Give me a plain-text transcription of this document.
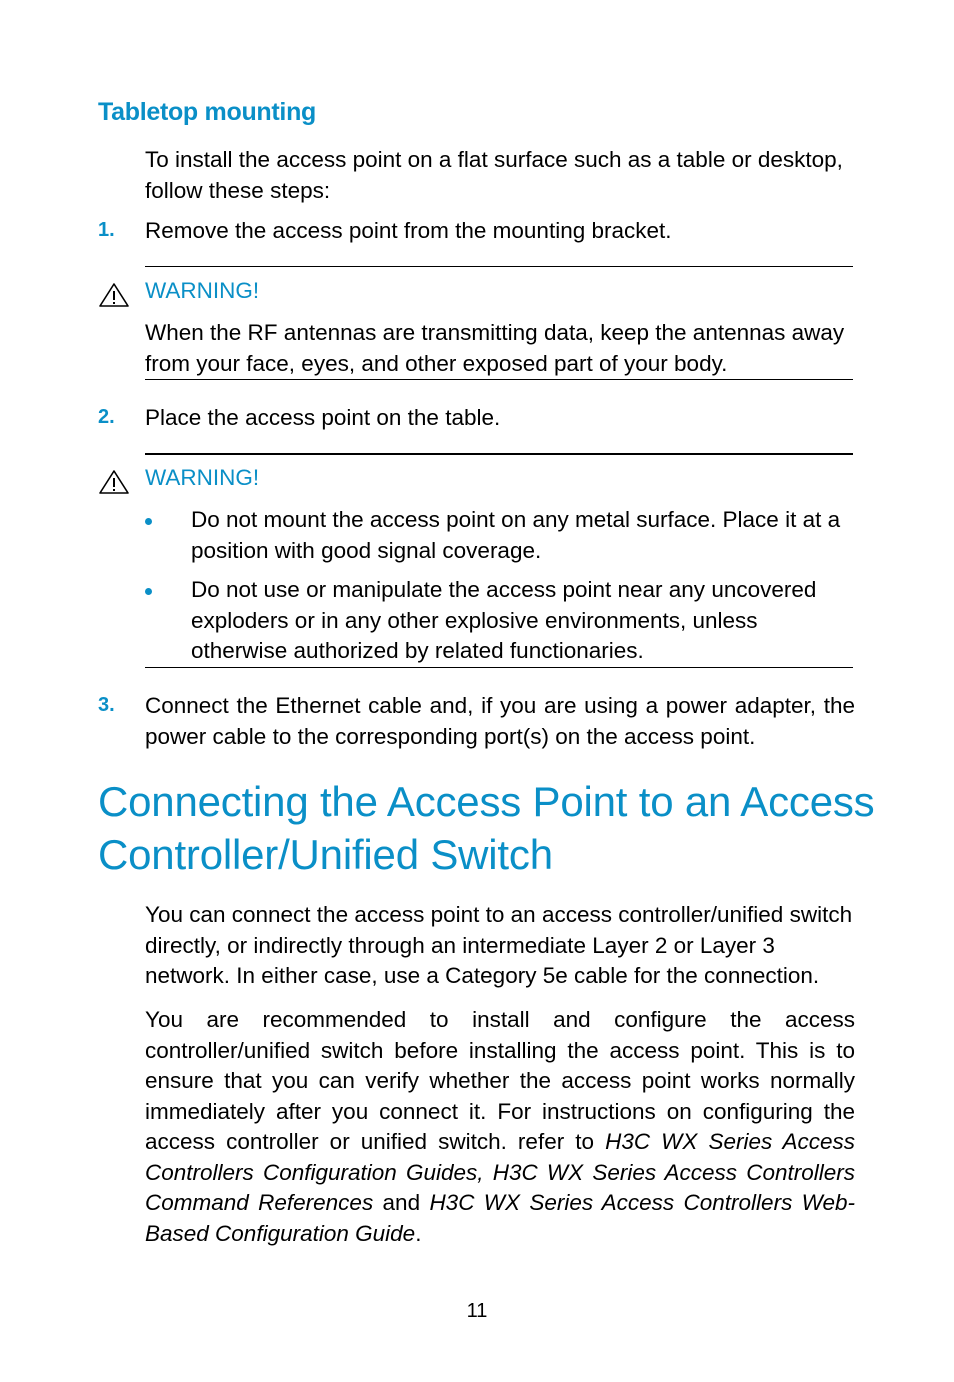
Tabletop mounting
To install the access point on a flat surface such as a table or desktop, follow these steps:
1. Remove the access point from the mounting bracket.
WARNING!
When the RF antennas are transmitting data, keep the antennas away from your face, eyes, and other exposed part of your body.
2. Place the access point on the table.
WARNING!
Do not mount the access point on any metal surface. Place it at a position with good signal coverage.
Do not use or manipulate the access point near any uncovered exploders or in any other explosive environments, unless otherwise authorized by related functionaries.
3. Connect the Ethernet cable and, if you are using a power adapter, the power cable to the corresponding port(s) on the access point.
Connecting the Access Point to an Access Controller/Unified Switch
You can connect the access point to an access controller/unified switch directly, or indirectly through an intermediate Layer 2 or Layer 3 network. In either case, use a Category 5e cable for the connection.
You are recommended to install and configure the access controller/unified switch before installing the access point. This is to ensure that you can verify whether the access point works normally immediately after you connect it. For instructions on configuring the access controller or unified switch. refer to H3C WX Series Access Controllers Configuration Guides, H3C WX Series Access Controllers Command References and H3C WX Series Access Controllers Web-Based Configuration Guide.
11
